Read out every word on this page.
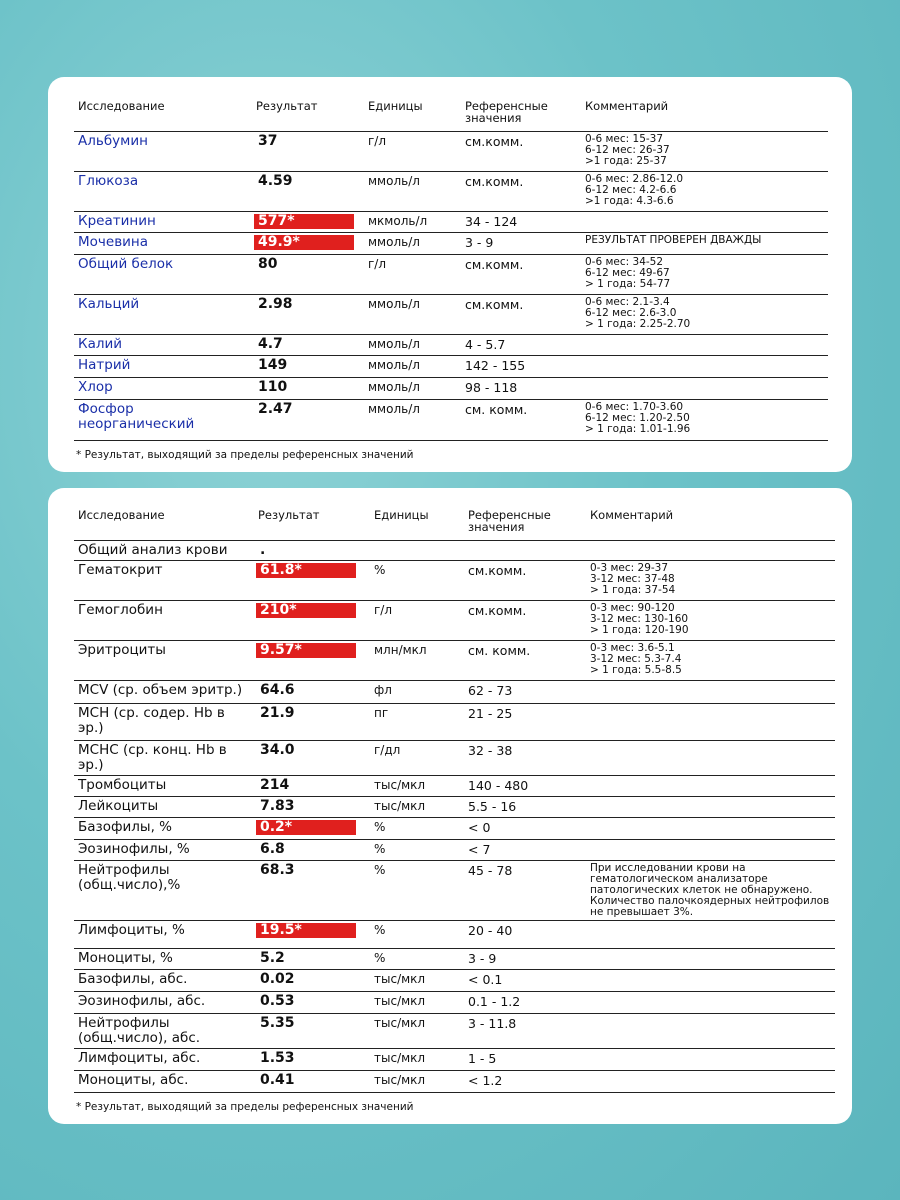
Исследование	Результат	Единицы	Референсные значения	Комментарий
Альбумин	37	г/л	см.комм.	0-6 мес: 15-37
6-12 мес: 26-37
>1 года: 25-37
Глюкоза	4.59	ммоль/л	см.комм.	0-6 мес: 2.86-12.0
6-12 мес: 4.2-6.6
>1 года: 4.3-6.6
Креатинин	577*	мкмоль/л	34 - 124	
Мочевина	49.9*	ммоль/л	3 - 9	РЕЗУЛЬТАТ ПРОВЕРЕН ДВАЖДЫ
Общий белок	80	г/л	см.комм.	0-6 мес: 34-52
6-12 мес: 49-67
> 1 года: 54-77
Кальций	2.98	ммоль/л	см.комм.	0-6 мес: 2.1-3.4
6-12 мес: 2.6-3.0
> 1 года: 2.25-2.70
Калий	4.7	ммоль/л	4 - 5.7	
Натрий	149	ммоль/л	142 - 155	
Хлор	110	ммоль/л	98 - 118	
Фосфор неорганический	2.47	ммоль/л	см. комм.	0-6 мес: 1.70-3.60
6-12 мес: 1.20-2.50
> 1 года: 1.01-1.96
* Результат, выходящий за пределы референсных значений
Исследование	Результат	Единицы	Референсные значения	Комментарий
Общий анализ крови	.			
Гематокрит	61.8*	%	см.комм.	0-3 мес: 29-37
3-12 мес: 37-48
> 1 года: 37-54
Гемоглобин	210*	г/л	см.комм.	0-3 мес: 90-120
3-12 мес: 130-160
> 1 года: 120-190
Эритроциты	9.57*	млн/мкл	см. комм.	0-3 мес: 3.6-5.1
3-12 мес: 5.3-7.4
> 1 года: 5.5-8.5
MCV (ср. объем эритр.)	64.6	фл	62 - 73	
MCH (ср. содер. Hb в эр.)	21.9	пг	21 - 25	
MCHC (ср. конц. Hb в эр.)	34.0	г/дл	32 - 38	
Тромбоциты	214	тыс/мкл	140 - 480	
Лейкоциты	7.83	тыс/мкл	5.5 - 16	
Базофилы, %	0.2*	%	< 0	
Эозинофилы, %	6.8	%	< 7	
Нейтрофилы (общ.число),%	68.3	%	45 - 78	При исследовании крови на гематологическом анализаторе патологических клеток не обнаружено. Количество палочкоядерных нейтрофилов не превышает 3%.
Лимфоциты, %	19.5*	%	20 - 40	
Моноциты, %	5.2	%	3 - 9	
Базофилы, абс.	0.02	тыс/мкл	< 0.1	
Эозинофилы, абс.	0.53	тыс/мкл	0.1 - 1.2	
Нейтрофилы (общ.число), абс.	5.35	тыс/мкл	3 - 11.8	
Лимфоциты, абс.	1.53	тыс/мкл	1 - 5	
Моноциты, абс.	0.41	тыс/мкл	< 1.2	
* Результат, выходящий за пределы референсных значений
